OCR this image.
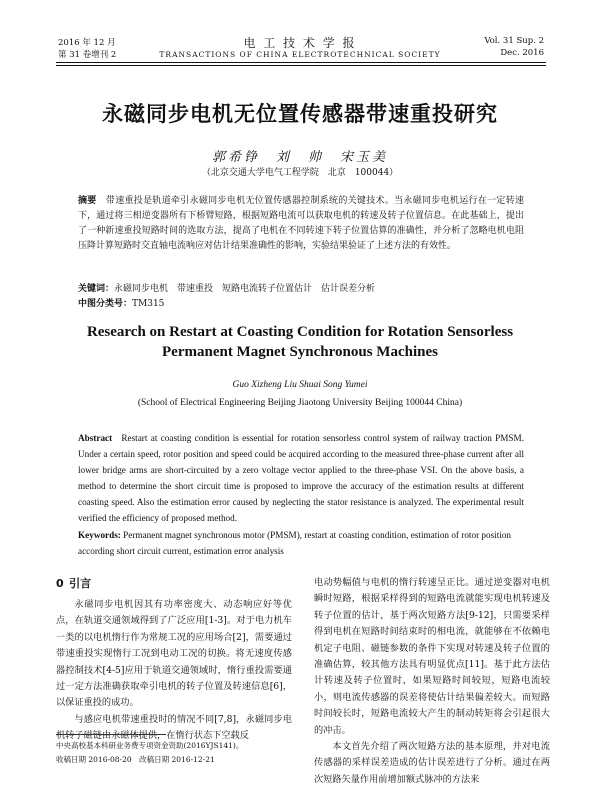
2016 年 12 月
第 31 卷增刊 2
电 工 技 术 学 报
TRANSACTIONS OF CHINA ELECTROTECHNICAL SOCIETY
Vol. 31 Sup. 2
Dec. 2016
永磁同步电机无位置传感器带速重投研究
郭希铮　刘　帅　宋玉美
（北京交通大学电气工程学院　北京　100044）
摘要  带速重投是轨道牵引永磁同步电机无位置传感器控制系统的关键技术。当永磁同步电机运行在一定转速下，通过将三相逆变器所有下桥臂短路，根据短路电流可以获取电机的转速及转子位置信息。在此基础上，提出了一种新速重投短路时间的选取方法，提高了电机在不同转速下转子位置估算的准确性，并分析了忽略电机电阻压降计算短路时交直轴电流响应对估计结果准确性的影响，实验结果验证了上述方法的有效性。
关键词：永磁同步电机　带速重投　短路电流转子位置估计　估计误差分析
中图分类号：TM315
Research on Restart at Coasting Condition for Rotation Sensorless
Permanent Magnet Synchronous Machines
Guo Xizheng Liu Shuai Song Yumei
(School of Electrical Engineering Beijing Jiaotong University Beijing 100044 China)
Abstract  Restart at coasting condition is essential for rotation sensorless control system of railway traction PMSM. Under a certain speed, rotor position and speed could be acquired according to the measured three-phase current after all lower bridge arms are short-circuited by a zero voltage vector applied to the three-phase VSI. On the above basis, a method to determine the short circuit time is proposed to improve the accuracy of the estimation results at different coasting speed. Also the estimation error caused by neglecting the stator resistance is analyzed. The experimental result verified the efficiency of proposed method.
Keywords: Permanent magnet synchronous motor (PMSM), restart at coasting condition, estimation of rotor position according short circuit current, estimation error analysis
0  引言

永磁同步电机因其有功率密度大、动态响应好等优点，在轨道交通领域得到了广泛应用[1-3]。对于电力机车一类的以电机惰行作为常规工况的应用场合[2]，需要通过带速重投实现惰行工况到电动工况的切换。将无速度传感器控制技术[4-5]应用于轨道交通领域时，惰行重投需要通过一定方法准确获取牵引电机的转子位置及转速信息[6]，以保证重投的成功。

与感应电机带速重投时的情况不同[7,8]，永磁同步电机转子磁链由永磁体提供，在惰行状态下空载反

电动势幅值与电机的惰行转速呈正比。通过逆变器对电机瞬时短路，根据采样得到的短路电流就能实现电机转速及转子位置的估计，基于两次短路方法[9-12]，只需要采样得到电机在短路时间结束时的相电流，就能够在不依赖电机定子电阻、磁链参数的条件下实现对转速及转子位置的准确估算，较其他方法具有明显优点[11]。基于此方法估计转速及转子位置时，如果短路时间较短，短路电流较小，则电流传感器的误差将使估计结果偏差较大。而短路时间较长时，短路电流较大产生的制动转矩将会引起很大的冲击。

本文首先介绍了两次短路方法的基本原理，并对电流传感器的采样误差造成的估计误差进行了分析。通过在两次短路矢量作用前增加额式脉冲的方法来

中央高校基本科研业务费专项资金资助(2016YJS141)。
收稿日期 2016-08-20　改稿日期 2016-12-21
